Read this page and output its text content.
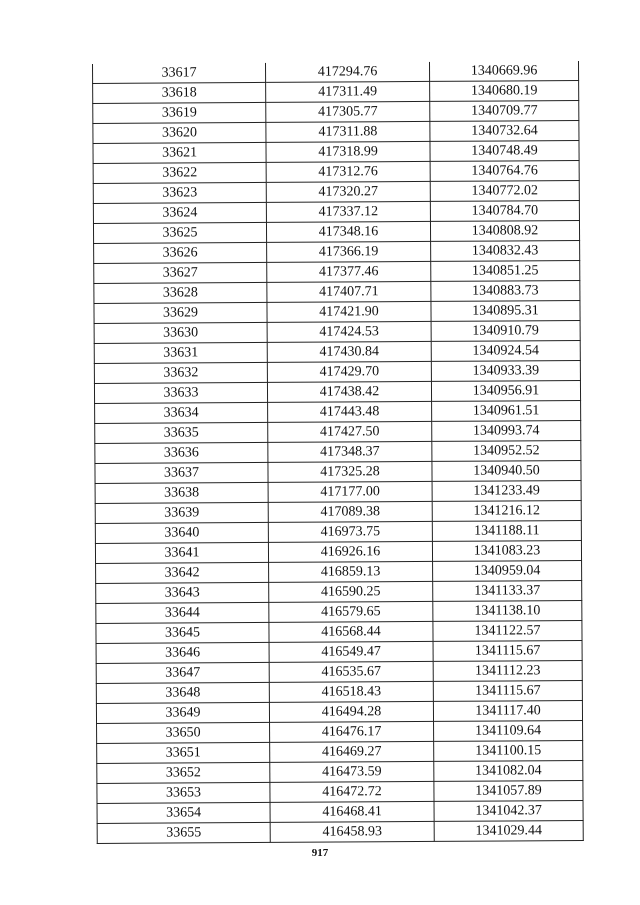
33617	417294.76	1340669.96
33618	417311.49	1340680.19
33619	417305.77	1340709.77
33620	417311.88	1340732.64
33621	417318.99	1340748.49
33622	417312.76	1340764.76
33623	417320.27	1340772.02
33624	417337.12	1340784.70
33625	417348.16	1340808.92
33626	417366.19	1340832.43
33627	417377.46	1340851.25
33628	417407.71	1340883.73
33629	417421.90	1340895.31
33630	417424.53	1340910.79
33631	417430.84	1340924.54
33632	417429.70	1340933.39
33633	417438.42	1340956.91
33634	417443.48	1340961.51
33635	417427.50	1340993.74
33636	417348.37	1340952.52
33637	417325.28	1340940.50
33638	417177.00	1341233.49
33639	417089.38	1341216.12
33640	416973.75	1341188.11
33641	416926.16	1341083.23
33642	416859.13	1340959.04
33643	416590.25	1341133.37
33644	416579.65	1341138.10
33645	416568.44	1341122.57
33646	416549.47	1341115.67
33647	416535.67	1341112.23
33648	416518.43	1341115.67
33649	416494.28	1341117.40
33650	416476.17	1341109.64
33651	416469.27	1341100.15
33652	416473.59	1341082.04
33653	416472.72	1341057.89
33654	416468.41	1341042.37
33655	416458.93	1341029.44
917
